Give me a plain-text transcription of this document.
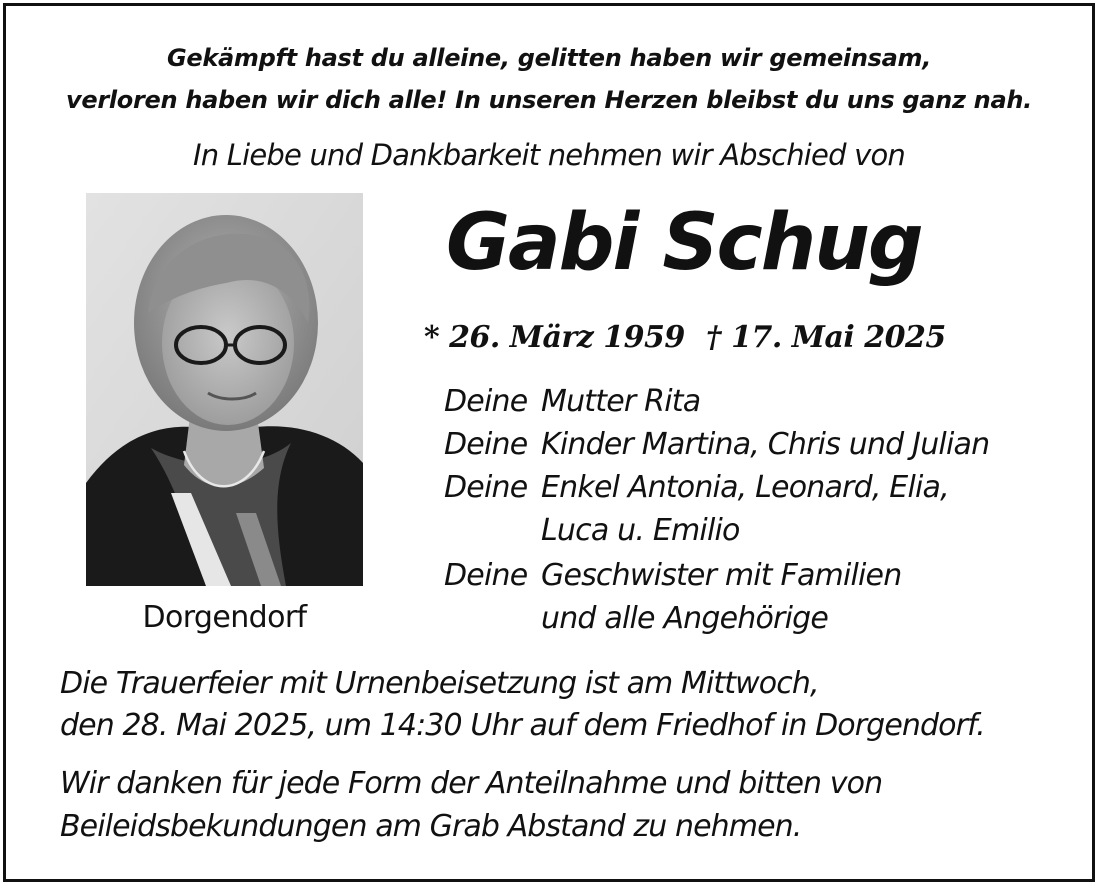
Gekämpft hast du alleine, gelitten haben wir gemeinsam,
verloren haben wir dich alle! In unseren Herzen bleibst du uns ganz nah.
In Liebe und Dankbarkeit nehmen wir Abschied von
Gabi Schug
* 26. März 1959 † 17. Mai 2025
Deine Mutter Rita
Deine Kinder Martina, Chris und Julian
Deine Enkel Antonia, Leonard, Elia,
Luca u. Emilio
Deine Geschwister mit Familien
und alle Angehörige
Dorgendorf
Die Trauerfeier mit Urnenbeisetzung ist am Mittwoch,
den 28. Mai 2025, um 14:30 Uhr auf dem Friedhof in Dorgendorf.
Wir danken für jede Form der Anteilnahme und bitten von
Beileidsbekundungen am Grab Abstand zu nehmen.
